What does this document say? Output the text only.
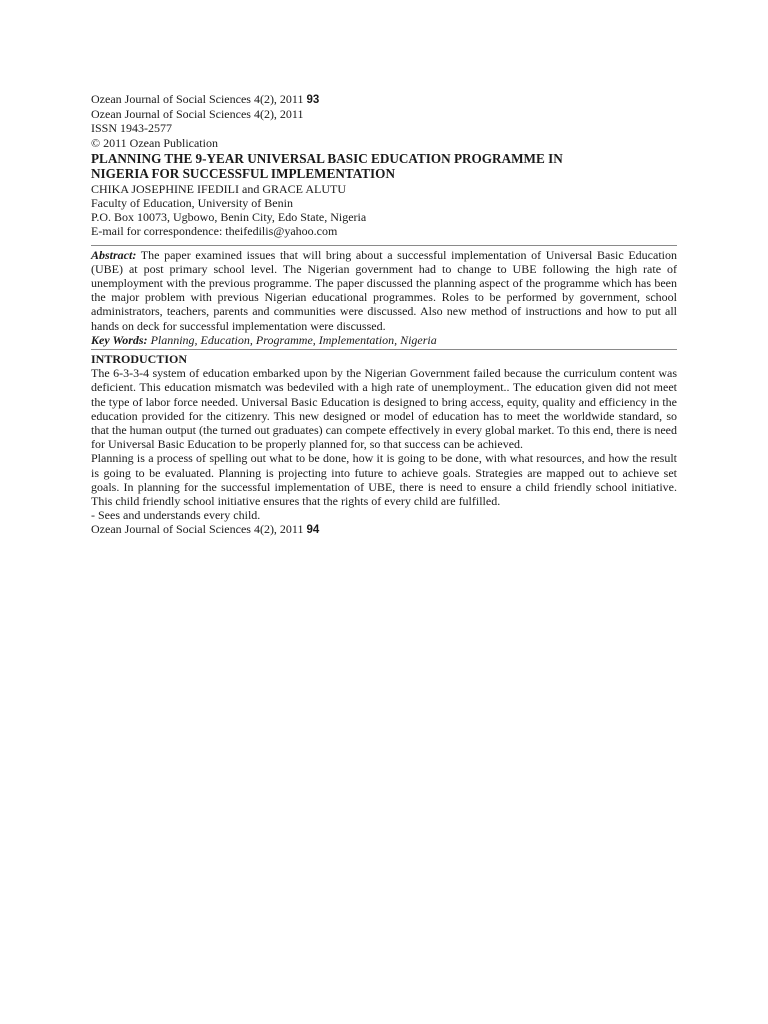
Ozean Journal of Social Sciences 4(2), 2011 93
Ozean Journal of Social Sciences 4(2), 2011
ISSN 1943-2577
© 2011 Ozean Publication
PLANNING THE 9-YEAR UNIVERSAL BASIC EDUCATION PROGRAMME IN
NIGERIA FOR SUCCESSFUL IMPLEMENTATION
CHIKA JOSEPHINE IFEDILI and GRACE ALUTU
Faculty of Education, University of Benin
P.O. Box 10073, Ugbowo, Benin City, Edo State, Nigeria
E-mail for correspondence: theifedilis@yahoo.com
Abstract: The paper examined issues that will bring about a successful implementation of Universal Basic Education (UBE) at post primary school level. The Nigerian government had to change to UBE following the high rate of unemployment with the previous programme. The paper discussed the planning aspect of the programme which has been the major problem with previous Nigerian educational programmes. Roles to be performed by government, school administrators, teachers, parents and communities were discussed. Also new method of instructions and how to put all hands on deck for successful implementation were discussed.
Key Words: Planning, Education, Programme, Implementation, Nigeria
INTRODUCTION
The 6-3-3-4 system of education embarked upon by the Nigerian Government failed because the curriculum content was deficient. This education mismatch was bedeviled with a high rate of unemployment.. The education given did not meet the type of labor force needed. Universal Basic Education is designed to bring access, equity, quality and efficiency in the education provided for the citizenry. This new designed or model of education has to meet the worldwide standard, so that the human output (the turned out graduates) can compete effectively in every global market. To this end, there is need for Universal Basic Education to be properly planned for, so that success can be achieved.
Planning is a process of spelling out what to be done, how it is going to be done, with what resources, and how the result is going to be evaluated. Planning is projecting into future to achieve goals. Strategies are mapped out to achieve set goals. In planning for the successful implementation of UBE, there is need to ensure a child friendly school initiative. This child friendly school initiative ensures that the rights of every child are fulfilled.
- Sees and understands every child.
Ozean Journal of Social Sciences 4(2), 2011 94
